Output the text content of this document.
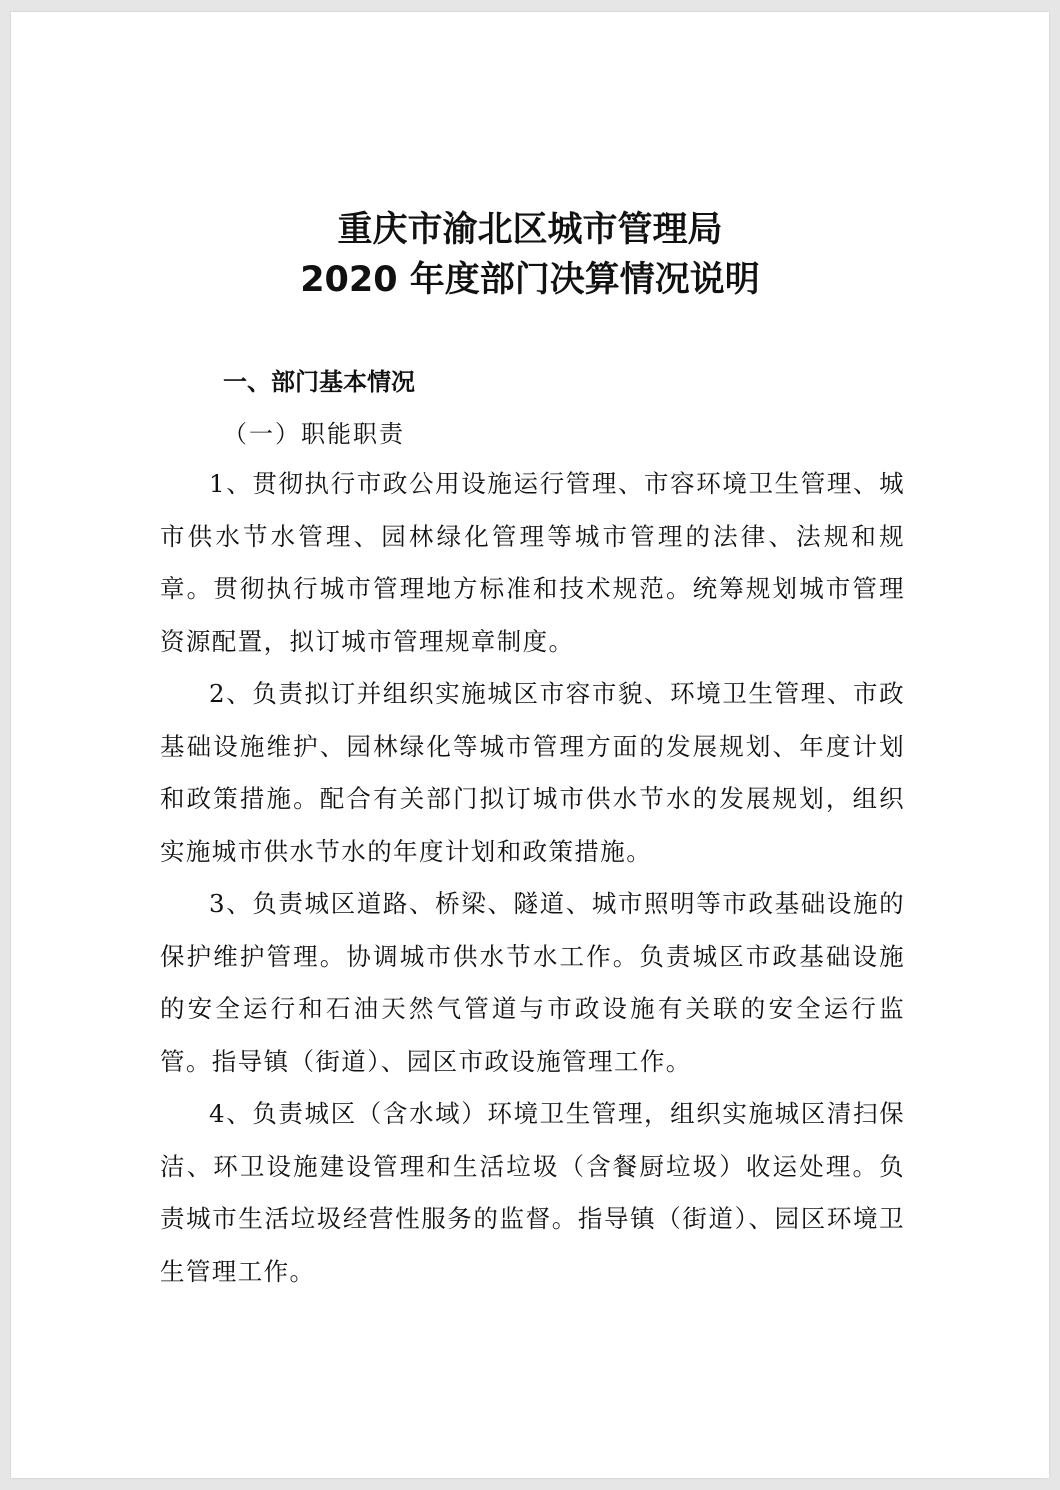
重庆市渝北区城市管理局
2020 年度部门决算情况说明
一、部门基本情况
（一）职能职责

1、贯彻执行市政公用设施运行管理、市容环境卫生管理、城市供水节水管理、园林绿化管理等城市管理的法律、法规和规章。贯彻执行城市管理地方标准和技术规范。统筹规划城市管理资源配置，拟订城市管理规章制度。

2、负责拟订并组织实施城区市容市貌、环境卫生管理、市政基础设施维护、园林绿化等城市管理方面的发展规划、年度计划和政策措施。配合有关部门拟订城市供水节水的发展规划，组织实施城市供水节水的年度计划和政策措施。

3、负责城区道路、桥梁、隧道、城市照明等市政基础设施的保护维护管理。协调城市供水节水工作。负责城区市政基础设施的安全运行和石油天然气管道与市政设施有关联的安全运行监管。指导镇（街道）、园区市政设施管理工作。

4、负责城区（含水域）环境卫生管理，组织实施城区清扫保洁、环卫设施建设管理和生活垃圾（含餐厨垃圾）收运处理。负责城市生活垃圾经营性服务的监督。指导镇（街道）、园区环境卫生管理工作。
